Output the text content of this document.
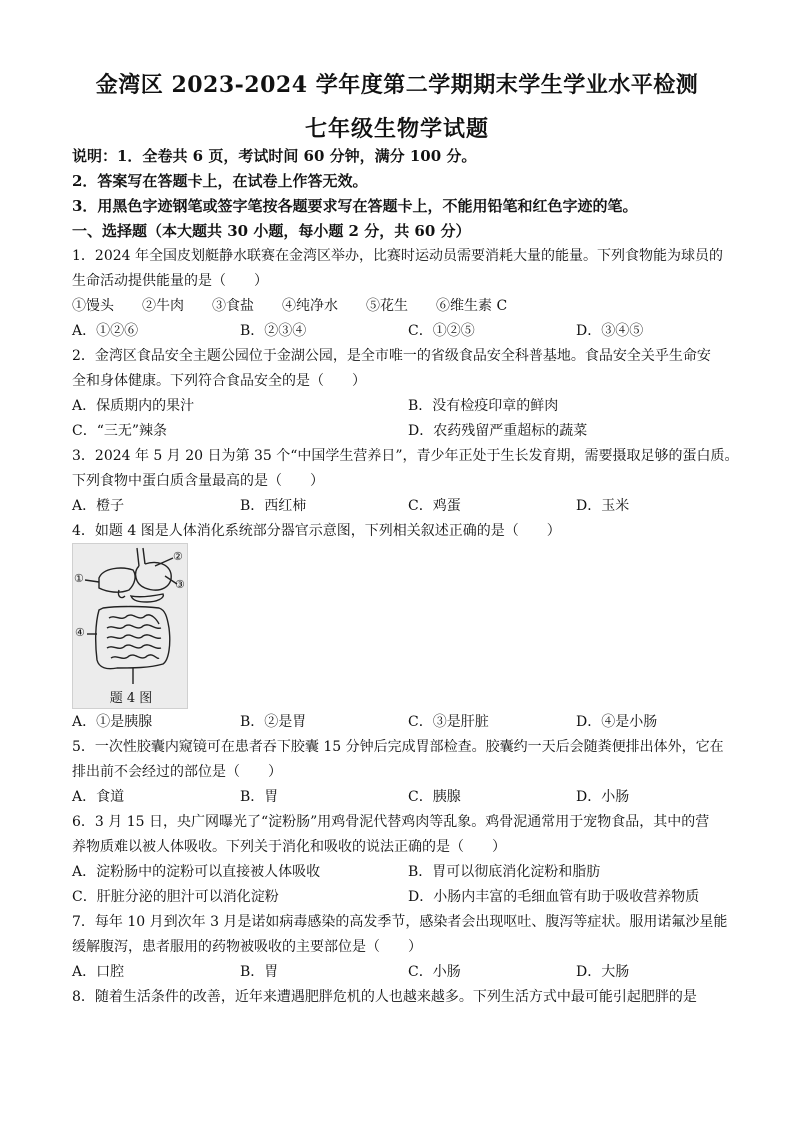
金湾区 2023-2024 学年度第二学期期末学生学业水平检测
七年级生物学试题
说明：1．全卷共 6 页，考试时间 60 分钟，满分 100 分。
2．答案写在答题卡上，在试卷上作答无效。
3．用黑色字迹钢笔或签字笔按各题要求写在答题卡上，不能用铅笔和红色字迹的笔。
一、选择题（本大题共 30 小题，每小题 2 分，共 60 分）
1．2024 年全国皮划艇静水联赛在金湾区举办，比赛时运动员需要消耗大量的能量。下列食物能为球员的
生命活动提供能量的是（　　）
①馒头 ②牛肉 ③食盐 ④纯净水 ⑤花生 ⑥维生素 C
A．①②⑥	B．②③④	C．①②⑤	D．③④⑤
2．金湾区食品安全主题公园位于金湖公园，是全市唯一的省级食品安全科普基地。食品安全关乎生命安
全和身体健康。下列符合食品安全的是（　　）
A．保质期内的果汁	B．没有检疫印章的鲜肉
C．“三无”辣条	D．农药残留严重超标的蔬菜
3．2024 年 5 月 20 日为第 35 个“中国学生营养日”，青少年正处于生长发育期，需要摄取足够的蛋白质。
下列食物中蛋白质含量最高的是（　　）
A．橙子	B．西红柿	C．鸡蛋	D．玉米
4．如题 4 图是人体消化系统部分器官示意图，下列相关叙述正确的是（　　）
①
②
③
④
题 4 图
A．①是胰腺	B．②是胃	C．③是肝脏	D．④是小肠
5．一次性胶囊内窥镜可在患者吞下胶囊 15 分钟后完成胃部检查。胶囊约一天后会随粪便排出体外，它在
排出前不会经过的部位是（　　）
A．食道	B．胃	C．胰腺	D．小肠
6．3 月 15 日，央广网曝光了“淀粉肠”用鸡骨泥代替鸡肉等乱象。鸡骨泥通常用于宠物食品，其中的营
养物质难以被人体吸收。下列关于消化和吸收的说法正确的是（　　）
A．淀粉肠中的淀粉可以直接被人体吸收	B．胃可以彻底消化淀粉和脂肪
C．肝脏分泌的胆汁可以消化淀粉	D．小肠内丰富的毛细血管有助于吸收营养物质
7．每年 10 月到次年 3 月是诺如病毒感染的高发季节，感染者会出现呕吐、腹泻等症状。服用诺氟沙星能
缓解腹泻，患者服用的药物被吸收的主要部位是（　　）
A．口腔	B．胃	C．小肠	D．大肠
8．随着生活条件的改善，近年来遭遇肥胖危机的人也越来越多。下列生活方式中最可能引起肥胖的是
